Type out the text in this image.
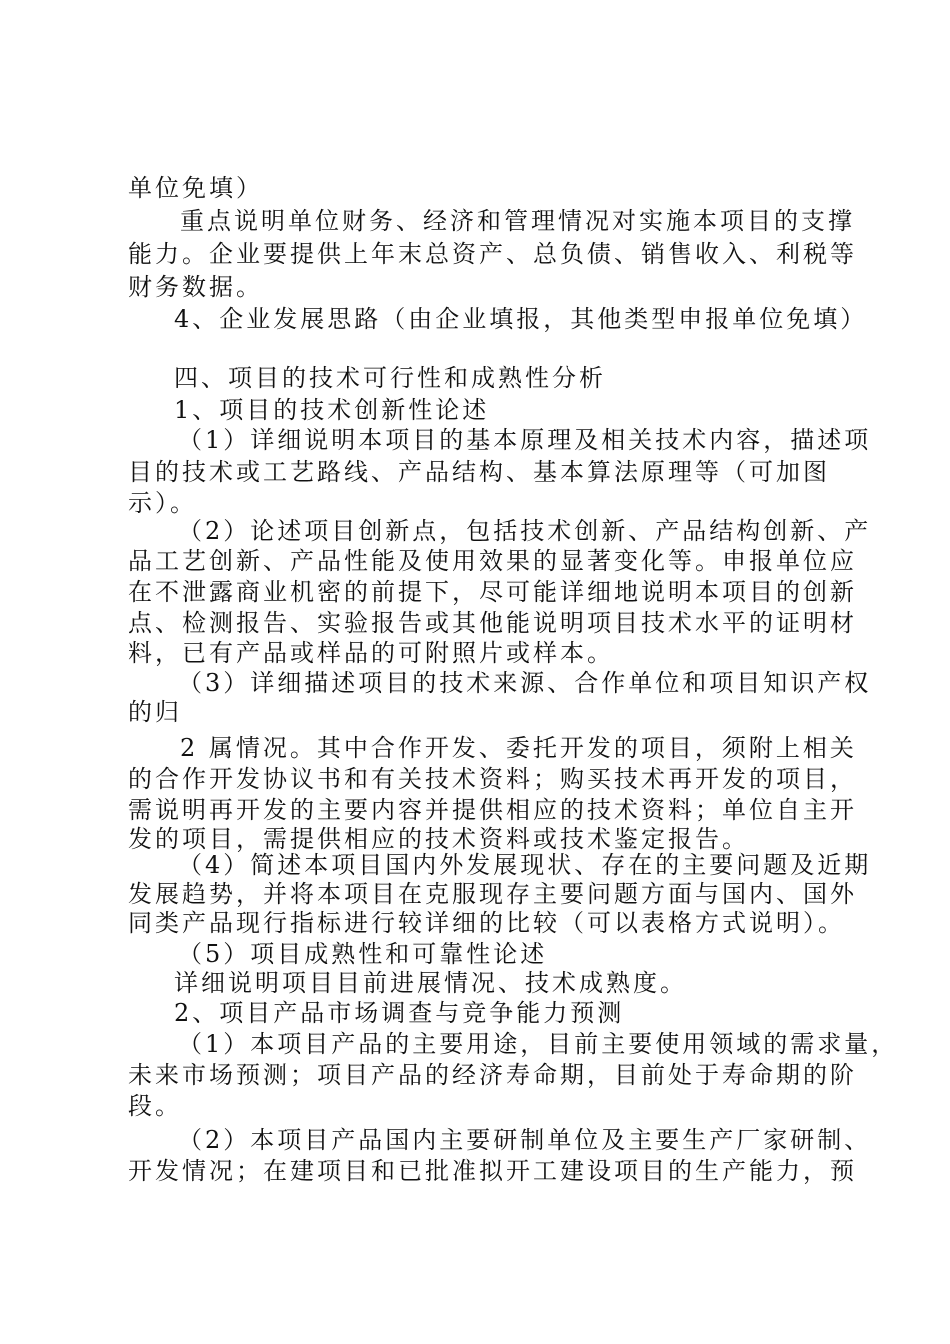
单位免填）
重点说明单位财务、经济和管理情况对实施本项目的支撑
能力。企业要提供上年末总资产、总负债、销售收入、利税等
财务数据。
4、企业发展思路（由企业填报，其他类型申报单位免填）
四、项目的技术可行性和成熟性分析
1、项目的技术创新性论述
（1）详细说明本项目的基本原理及相关技术内容，描述项
目的技术或工艺路线、产品结构、基本算法原理等（可加图
示）。
（2）论述项目创新点，包括技术创新、产品结构创新、产
品工艺创新、产品性能及使用效果的显著变化等。申报单位应
在不泄露商业机密的前提下，尽可能详细地说明本项目的创新
点、检测报告、实验报告或其他能说明项目技术水平的证明材
料，已有产品或样品的可附照片或样本。
（3）详细描述项目的技术来源、合作单位和项目知识产权
的归
2 属情况。其中合作开发、委托开发的项目，须附上相关
的合作开发协议书和有关技术资料；购买技术再开发的项目，
需说明再开发的主要内容并提供相应的技术资料；单位自主开
发的项目，需提供相应的技术资料或技术鉴定报告。
（4）简述本项目国内外发展现状、存在的主要问题及近期
发展趋势，并将本项目在克服现存主要问题方面与国内、国外
同类产品现行指标进行较详细的比较（可以表格方式说明）。
（5）项目成熟性和可靠性论述
详细说明项目目前进展情况、技术成熟度。
2、项目产品市场调查与竞争能力预测
（1）本项目产品的主要用途，目前主要使用领域的需求量，
未来市场预测；项目产品的经济寿命期，目前处于寿命期的阶
段。
（2）本项目产品国内主要研制单位及主要生产厂家研制、
开发情况；在建项目和已批准拟开工建设项目的生产能力，预
